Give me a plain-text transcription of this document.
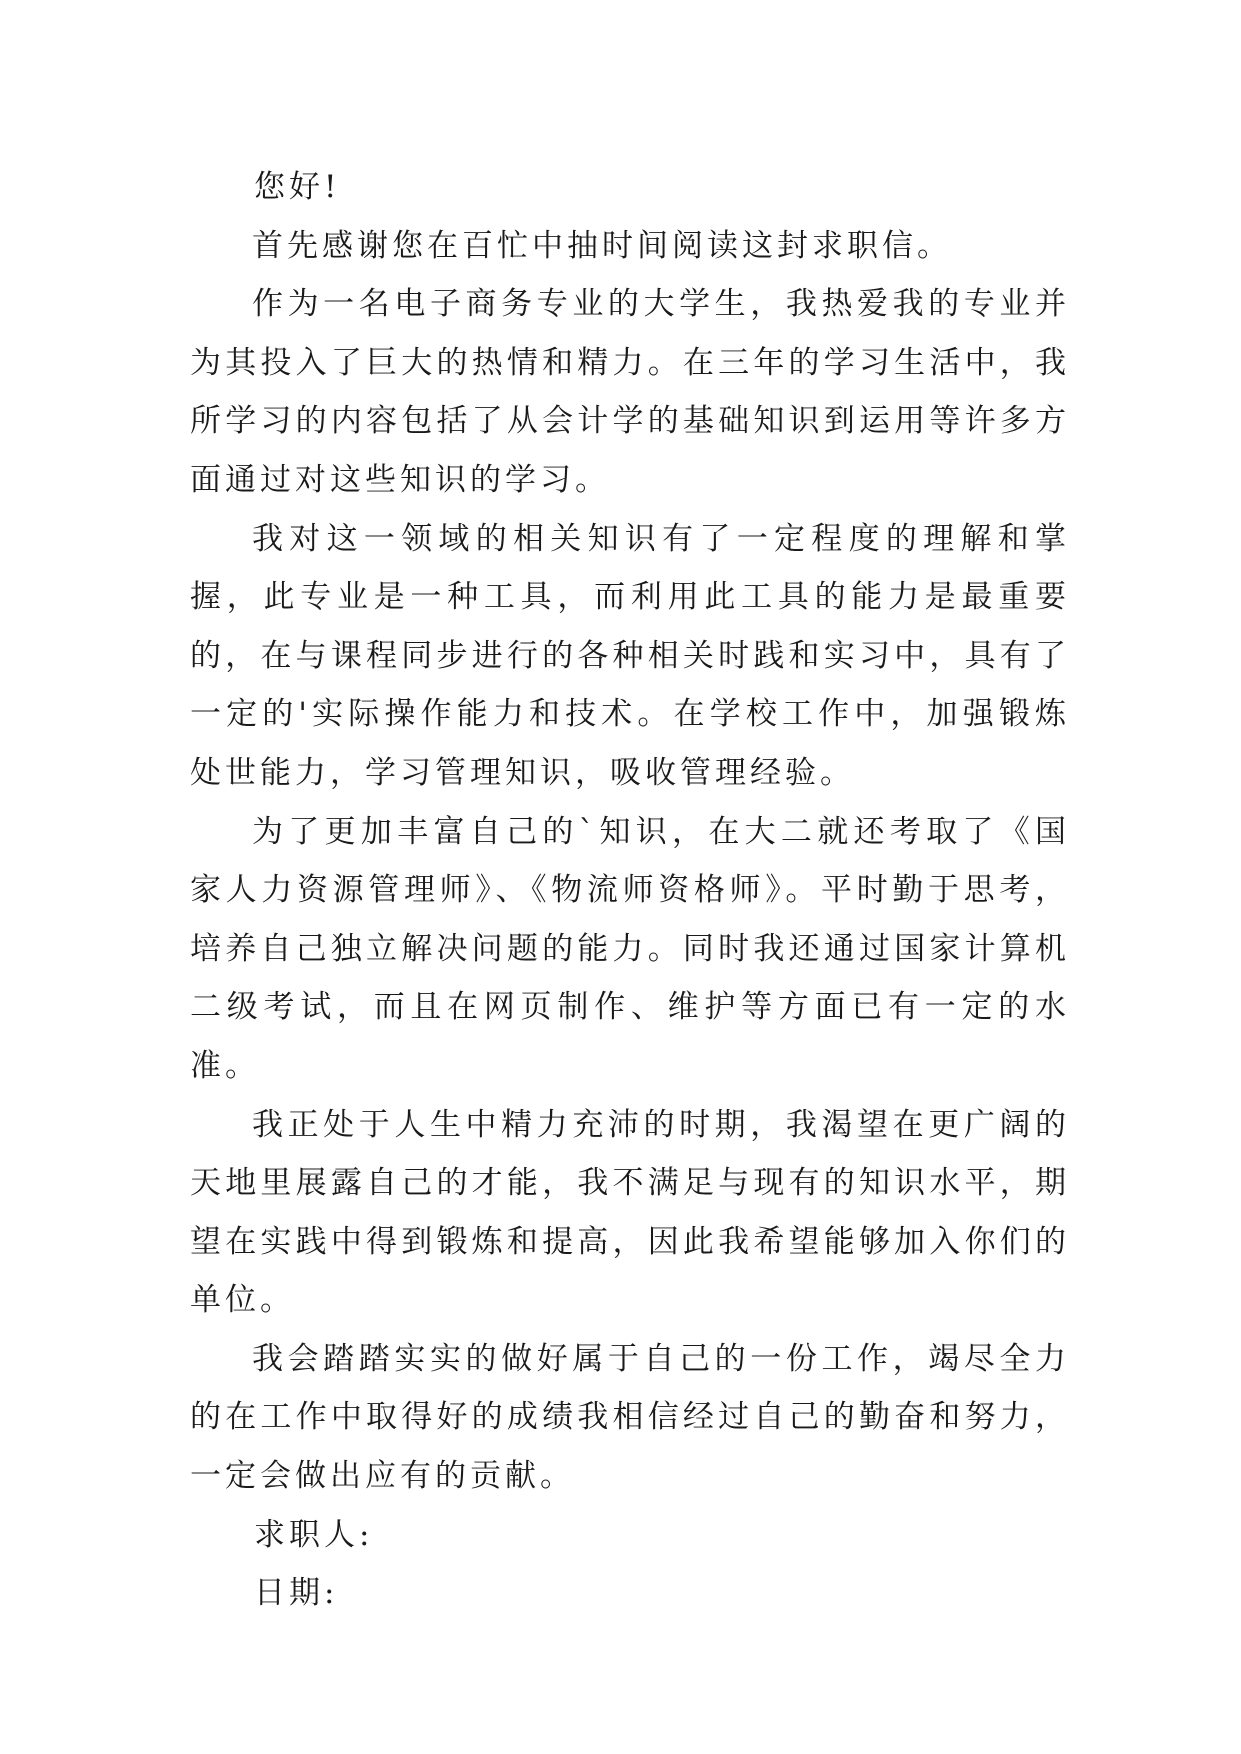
您好!

首先感谢您在百忙中抽时间阅读这封求职信。

作为一名电子商务专业的大学生，我热爱我的专业并为其投入了巨大的热情和精力。在三年的学习生活中，我所学习的内容包括了从会计学的基础知识到运用等许多方面通过对这些知识的学习。

我对这一领域的相关知识有了一定程度的理解和掌握，此专业是一种工具，而利用此工具的能力是最重要的，在与课程同步进行的各种相关时践和实习中，具有了一定的'实际操作能力和技术。在学校工作中，加强锻炼处世能力，学习管理知识，吸收管理经验。

为了更加丰富自己的`知识，在大二就还考取了《国家人力资源管理师》、《物流师资格师》。平时勤于思考，培养自己独立解决问题的能力。同时我还通过国家计算机二级考试，而且在网页制作、维护等方面已有一定的水准。

我正处于人生中精力充沛的时期，我渴望在更广阔的天地里展露自己的才能，我不满足与现有的知识水平，期望在实践中得到锻炼和提高，因此我希望能够加入你们的单位。

我会踏踏实实的做好属于自己的一份工作，竭尽全力的在工作中取得好的成绩我相信经过自己的勤奋和努力，一定会做出应有的贡献。

求职人:

日期:
